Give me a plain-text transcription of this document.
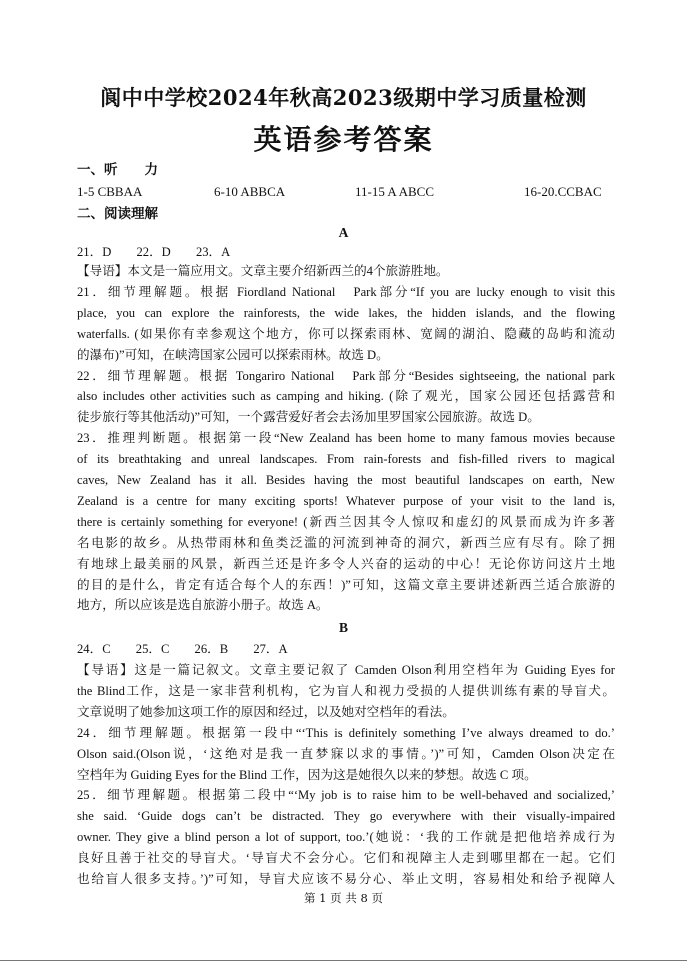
阆中中学校2024年秋高2023级期中学习质量检测
英语参考答案
一、听　　力
1-5 CBBAA	6-10 ABBCA	11-15 A ABCC	16-20.CCBAC
二、阅读理解
A
21．D　　22．D　　23．A
【导语】本文是一篇应用文。文章主要介绍新西兰的4个旅游胜地。
21．细节理解题。根据 Fiordland National　Park部分“If you are lucky enough to visit this
place, you can explore the rainforests, the wide lakes, the hidden islands, and the flowing
waterfalls. (如果你有幸参观这个地方，你可以探索雨林、宽阔的湖泊、隐藏的岛屿和流动
的瀑布)”可知，在峡湾国家公园可以探索雨林。故选 D。
22．细节理解题。根据 Tongariro National　Park部分“Besides sightseeing, the national park
also includes other activities such as camping and hiking. (除了观光，国家公园还包括露营和
徒步旅行等其他活动)”可知，一个露营爱好者会去汤加里罗国家公园旅游。故选 D。
23．推理判断题。根据第一段“New Zealand has been home to many famous movies because
of its breathtaking and unreal landscapes. From rain-forests and fish-filled rivers to magical
caves, New Zealand has it all. Besides having the most beautiful landscapes on earth, New
Zealand is a centre for many exciting sports! Whatever purpose of your visit to the land is,
there is certainly something for everyone! (新西兰因其令人惊叹和虚幻的风景而成为许多著
名电影的故乡。从热带雨林和鱼类泛滥的河流到神奇的洞穴，新西兰应有尽有。除了拥
有地球上最美丽的风景，新西兰还是许多令人兴奋的运动的中心！无论你访问这片土地
的目的是什么，肯定有适合每个人的东西！)”可知，这篇文章主要讲述新西兰适合旅游的
地方，所以应该是选自旅游小册子。故选 A。
B
24．C　　25．C　　26．B　　27．A
【导语】这是一篇记叙文。文章主要记叙了 Camden Olson利用空档年为 Guiding Eyes for
the Blind工作，这是一家非营利机构，它为盲人和视力受损的人提供训练有素的导盲犬。
文章说明了她参加这项工作的原因和经过，以及她对空档年的看法。
24．细节理解题。根据第一段中“‘This is definitely something I’ve always dreamed to do.’
Olson said.(Olson说，‘这绝对是我一直梦寐以求的事情。’)”可知，Camden Olson决定在
空档年为 Guiding Eyes for the Blind 工作，因为这是她很久以来的梦想。故选 C 项。
25．细节理解题。根据第二段中“‘My job is to raise him to be well-behaved and socialized,’
she said. ‘Guide dogs can’t be distracted. They go everywhere with their visually-impaired
owner. They give a blind person a lot of support, too.’(她说：‘我的工作就是把他培养成行为
良好且善于社交的导盲犬。‘导盲犬不会分心。它们和视障主人走到哪里都在一起。它们
也给盲人很多支持。’)”可知，导盲犬应该不易分心、举止文明，容易相处和给予视障人
第 1 页 共 8 页
